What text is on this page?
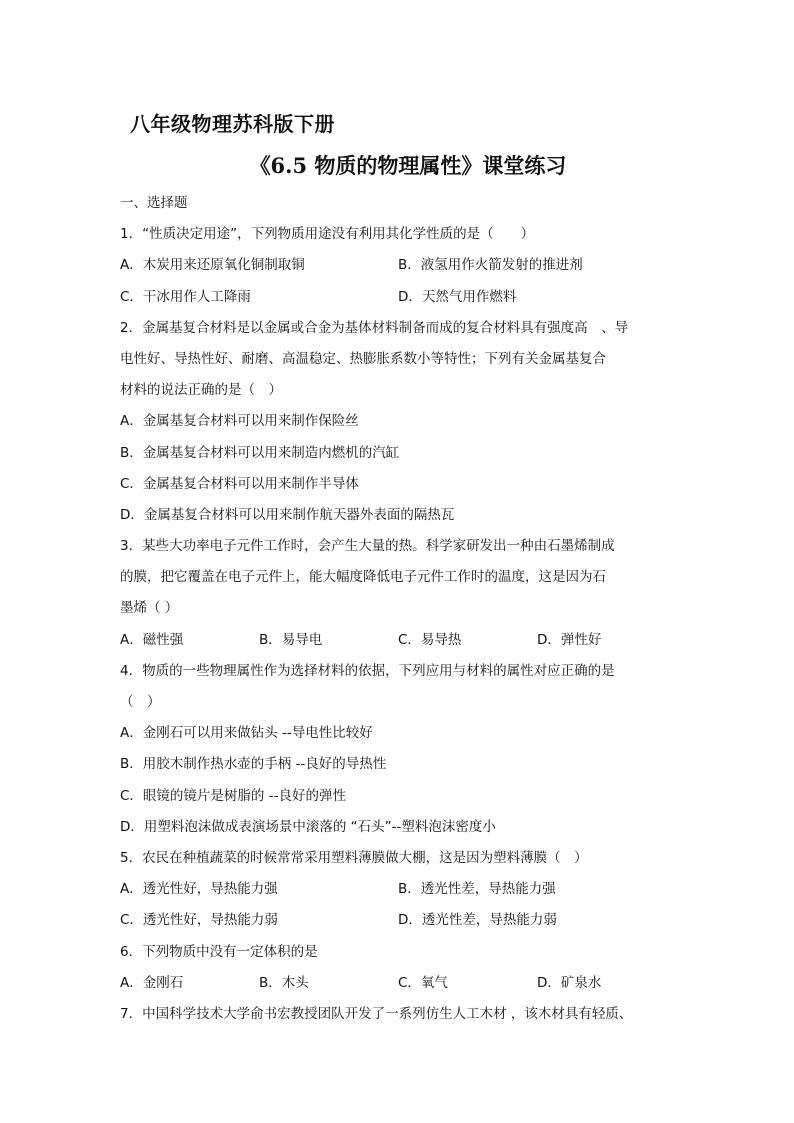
八年级物理苏科版下册
《6.5 物质的物理属性》课堂练习
一、选择题
1．“性质决定用途”，下列物质用途没有利用其化学性质的是（　　）
A．木炭用来还原氧化铜制取铜	B．液氢用作火箭发射的推进剂
C．干冰用作人工降雨	D．天然气用作燃料
2．金属基复合材料是以金属或合金为基体材料制备而成的复合材料具有强度高　、导
电性好、导热性好、耐磨、高温稳定、热膨胀系数小等特性；下列有关金属基复合
材料的说法正确的是（　）
A．金属基复合材料可以用来制作保险丝
B．金属基复合材料可以用来制造内燃机的汽缸
C．金属基复合材料可以用来制作半导体
D．金属基复合材料可以用来制作航天器外表面的隔热瓦
3．某些大功率电子元件工作时，会产生大量的热。科学家研发出一种由石墨烯制成
的膜，把它覆盖在电子元件上，能大幅度降低电子元件工作时的温度，这是因为石
墨烯（ ）
A．磁性强	B．易导电	C．易导热	D．弹性好
4．物质的一些物理属性作为选择材料的依据，下列应用与材料的属性对应正确的是
（　）
A．金刚石可以用来做钻头 --导电性比较好
B．用胶木制作热水壶的手柄 --良好的导热性
C．眼镜的镜片是树脂的 --良好的弹性
D．用塑料泡沫做成表演场景中滚落的 “石头”--塑料泡沫密度小
5．农民在种植蔬菜的时候常常采用塑料薄膜做大棚，这是因为塑料薄膜（　）
A．透光性好，导热能力强	B．透光性差，导热能力强
C．透光性好，导热能力弱	D．透光性差，导热能力弱
6．下列物质中没有一定体积的是
A．金刚石	B．木头	C．氧气	D．矿泉水
7．中国科学技术大学俞书宏教授团队开发了一系列仿生人工木材 ，该木材具有轻质、
